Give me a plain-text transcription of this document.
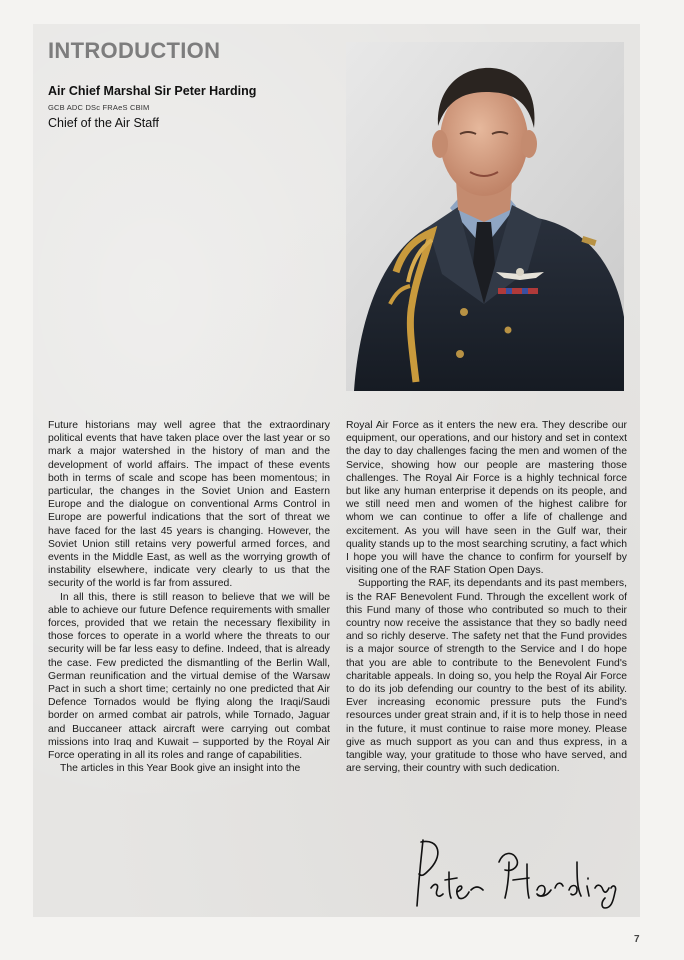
INTRODUCTION
Air Chief Marshal Sir Peter Harding
GCB ADC DSc FRAeS CBIM
Chief of the Air Staff

Future historians may well agree that the extraordinary political events that have taken place over the last year or so mark a major watershed in the history of man and the development of world affairs. The impact of these events both in terms of scale and scope has been momentous; in particular, the changes in the Soviet Union and Eastern Europe and the dialogue on conventional Arms Control in Europe are powerful indications that the sort of threat we have faced for the last 45 years is changing. However, the Soviet Union still retains very powerful armed forces, and events in the Middle East, as well as the worrying growth of instability elsewhere, indicate very clearly to us that the security of the world is far from assured.

In all this, there is still reason to believe that we will be able to achieve our future Defence requirements with smaller forces, provided that we retain the necessary flexibility in those forces to operate in a world where the threats to our security will be far less easy to define. Indeed, that is already the case. Few predicted the dismantling of the Berlin Wall, German reunification and the virtual demise of the Warsaw Pact in such a short time; certainly no one predicted that Air Defence Tornados would be flying along the Iraqi/Saudi border on armed combat air patrols, while Tornado, Jaguar and Buccaneer attack aircraft were carrying out combat missions into Iraq and Kuwait – supported by the Royal Air Force operating in all its roles and range of capabilities.

The articles in this Year Book give an insight into the

Royal Air Force as it enters the new era. They describe our equipment, our operations, and our history and set in context the day to day challenges facing the men and women of the Service, showing how our people are mastering those challenges. The Royal Air Force is a highly technical force but like any human enterprise it depends on its people, and we still need men and women of the highest calibre for whom we can continue to offer a life of challenge and excitement. As you will have seen in the Gulf war, their quality stands up to the most searching scrutiny, a fact which I hope you will have the chance to confirm for yourself by visiting one of the RAF Station Open Days.

Supporting the RAF, its dependants and its past members, is the RAF Benevolent Fund. Through the excellent work of this Fund many of those who contributed so much to their country now receive the assistance that they so badly need and so richly deserve. The safety net that the Fund provides is a major source of strength to the Service and I do hope that you are able to contribute to the Benevolent Fund's charitable appeals. In doing so, you help the Royal Air Force to do its job defending our country to the best of its ability. Ever increasing economic pressure puts the Fund's resources under great strain and, if it is to help those in need in the future, it must continue to raise more money. Please give as much support as you can and thus express, in a tangible way, your gratitude to those who have served, and are serving, their country with such dedication.

7
